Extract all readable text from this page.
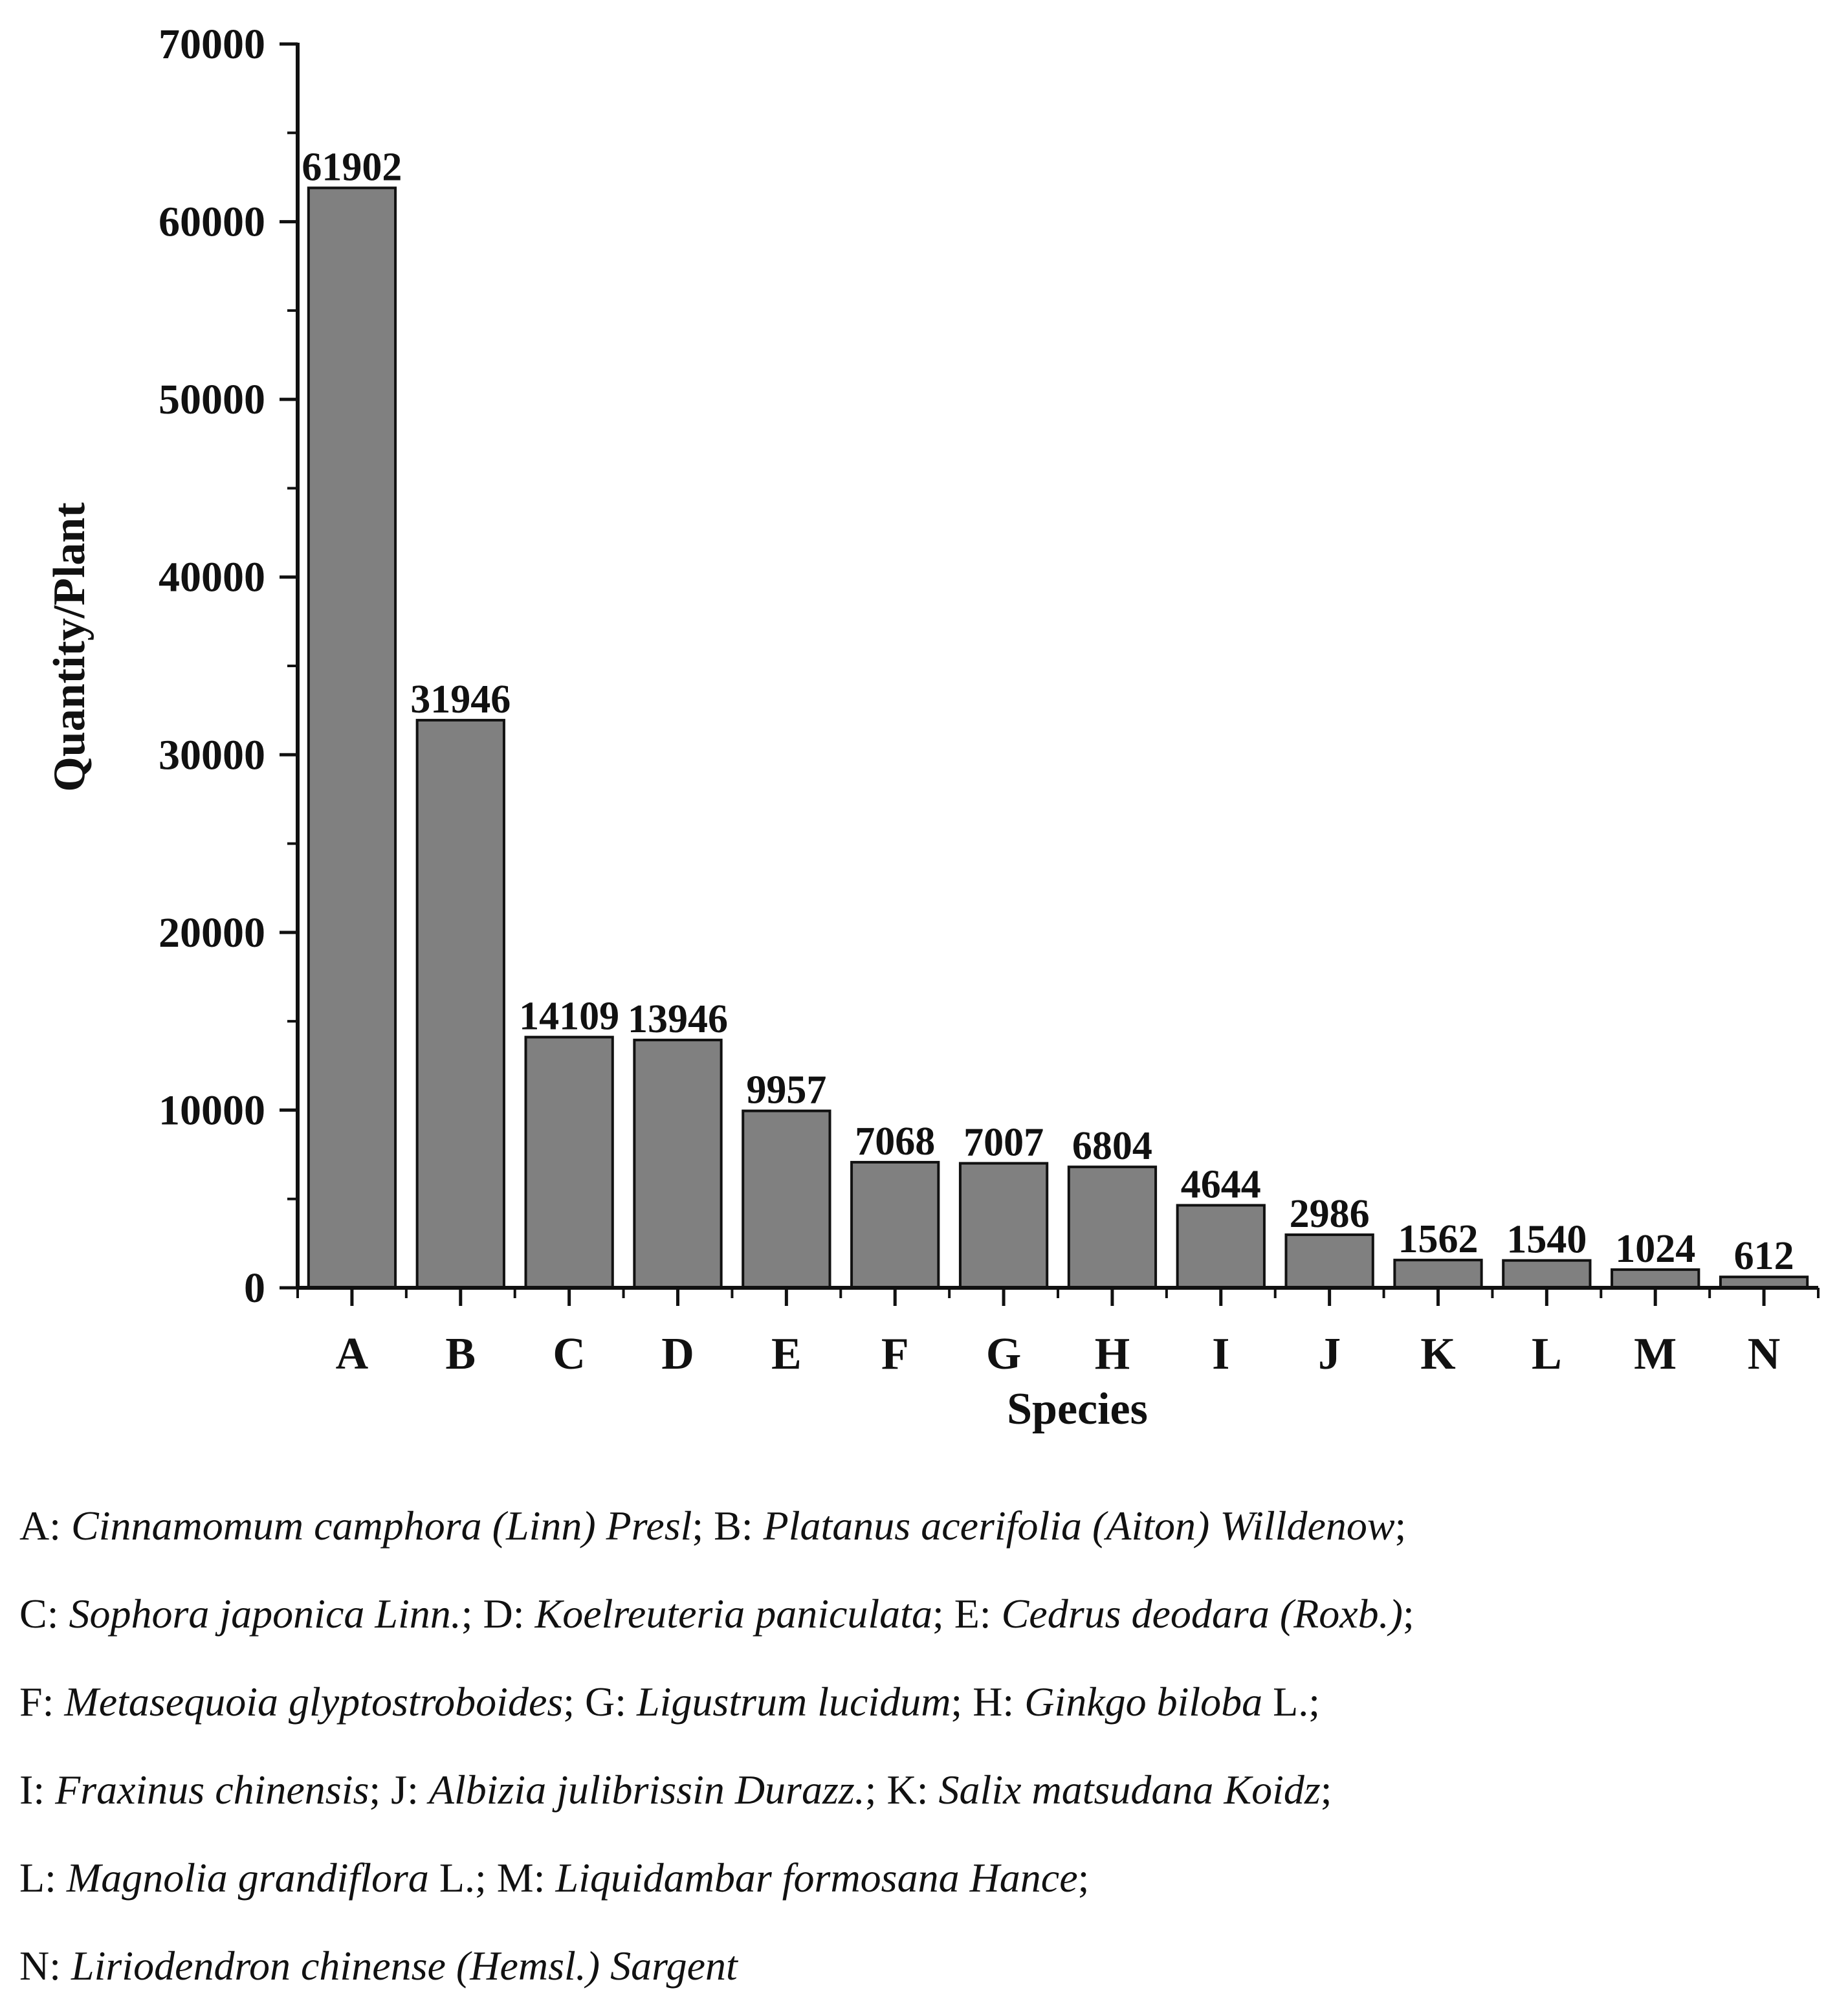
61902
31946
14109 13946
9957
7068 7007 6804
4644
2986
1562 1540 1024 612
0
10000
20000
30000
40000
50000
60000
70000
A B C D E F G H I J K L M N
Quantity/Plant
Species
A: Cinnamomum camphora (Linn) Presl; B: Platanus acerifolia (Aiton) Willdenow;
C: Sophora japonica Linn.; D: Koelreuteria paniculata; E: Cedrus deodara (Roxb.);
F: Metasequoia glyptostroboides; G: Ligustrum lucidum; H: Ginkgo biloba L.;
I: Fraxinus chinensis; J: Albizia julibrissin Durazz.; K: Salix matsudana Koidz;
L: Magnolia grandiflora L.; M: Liquidambar formosana Hance;
N: Liriodendron chinense (Hemsl.) Sargent
